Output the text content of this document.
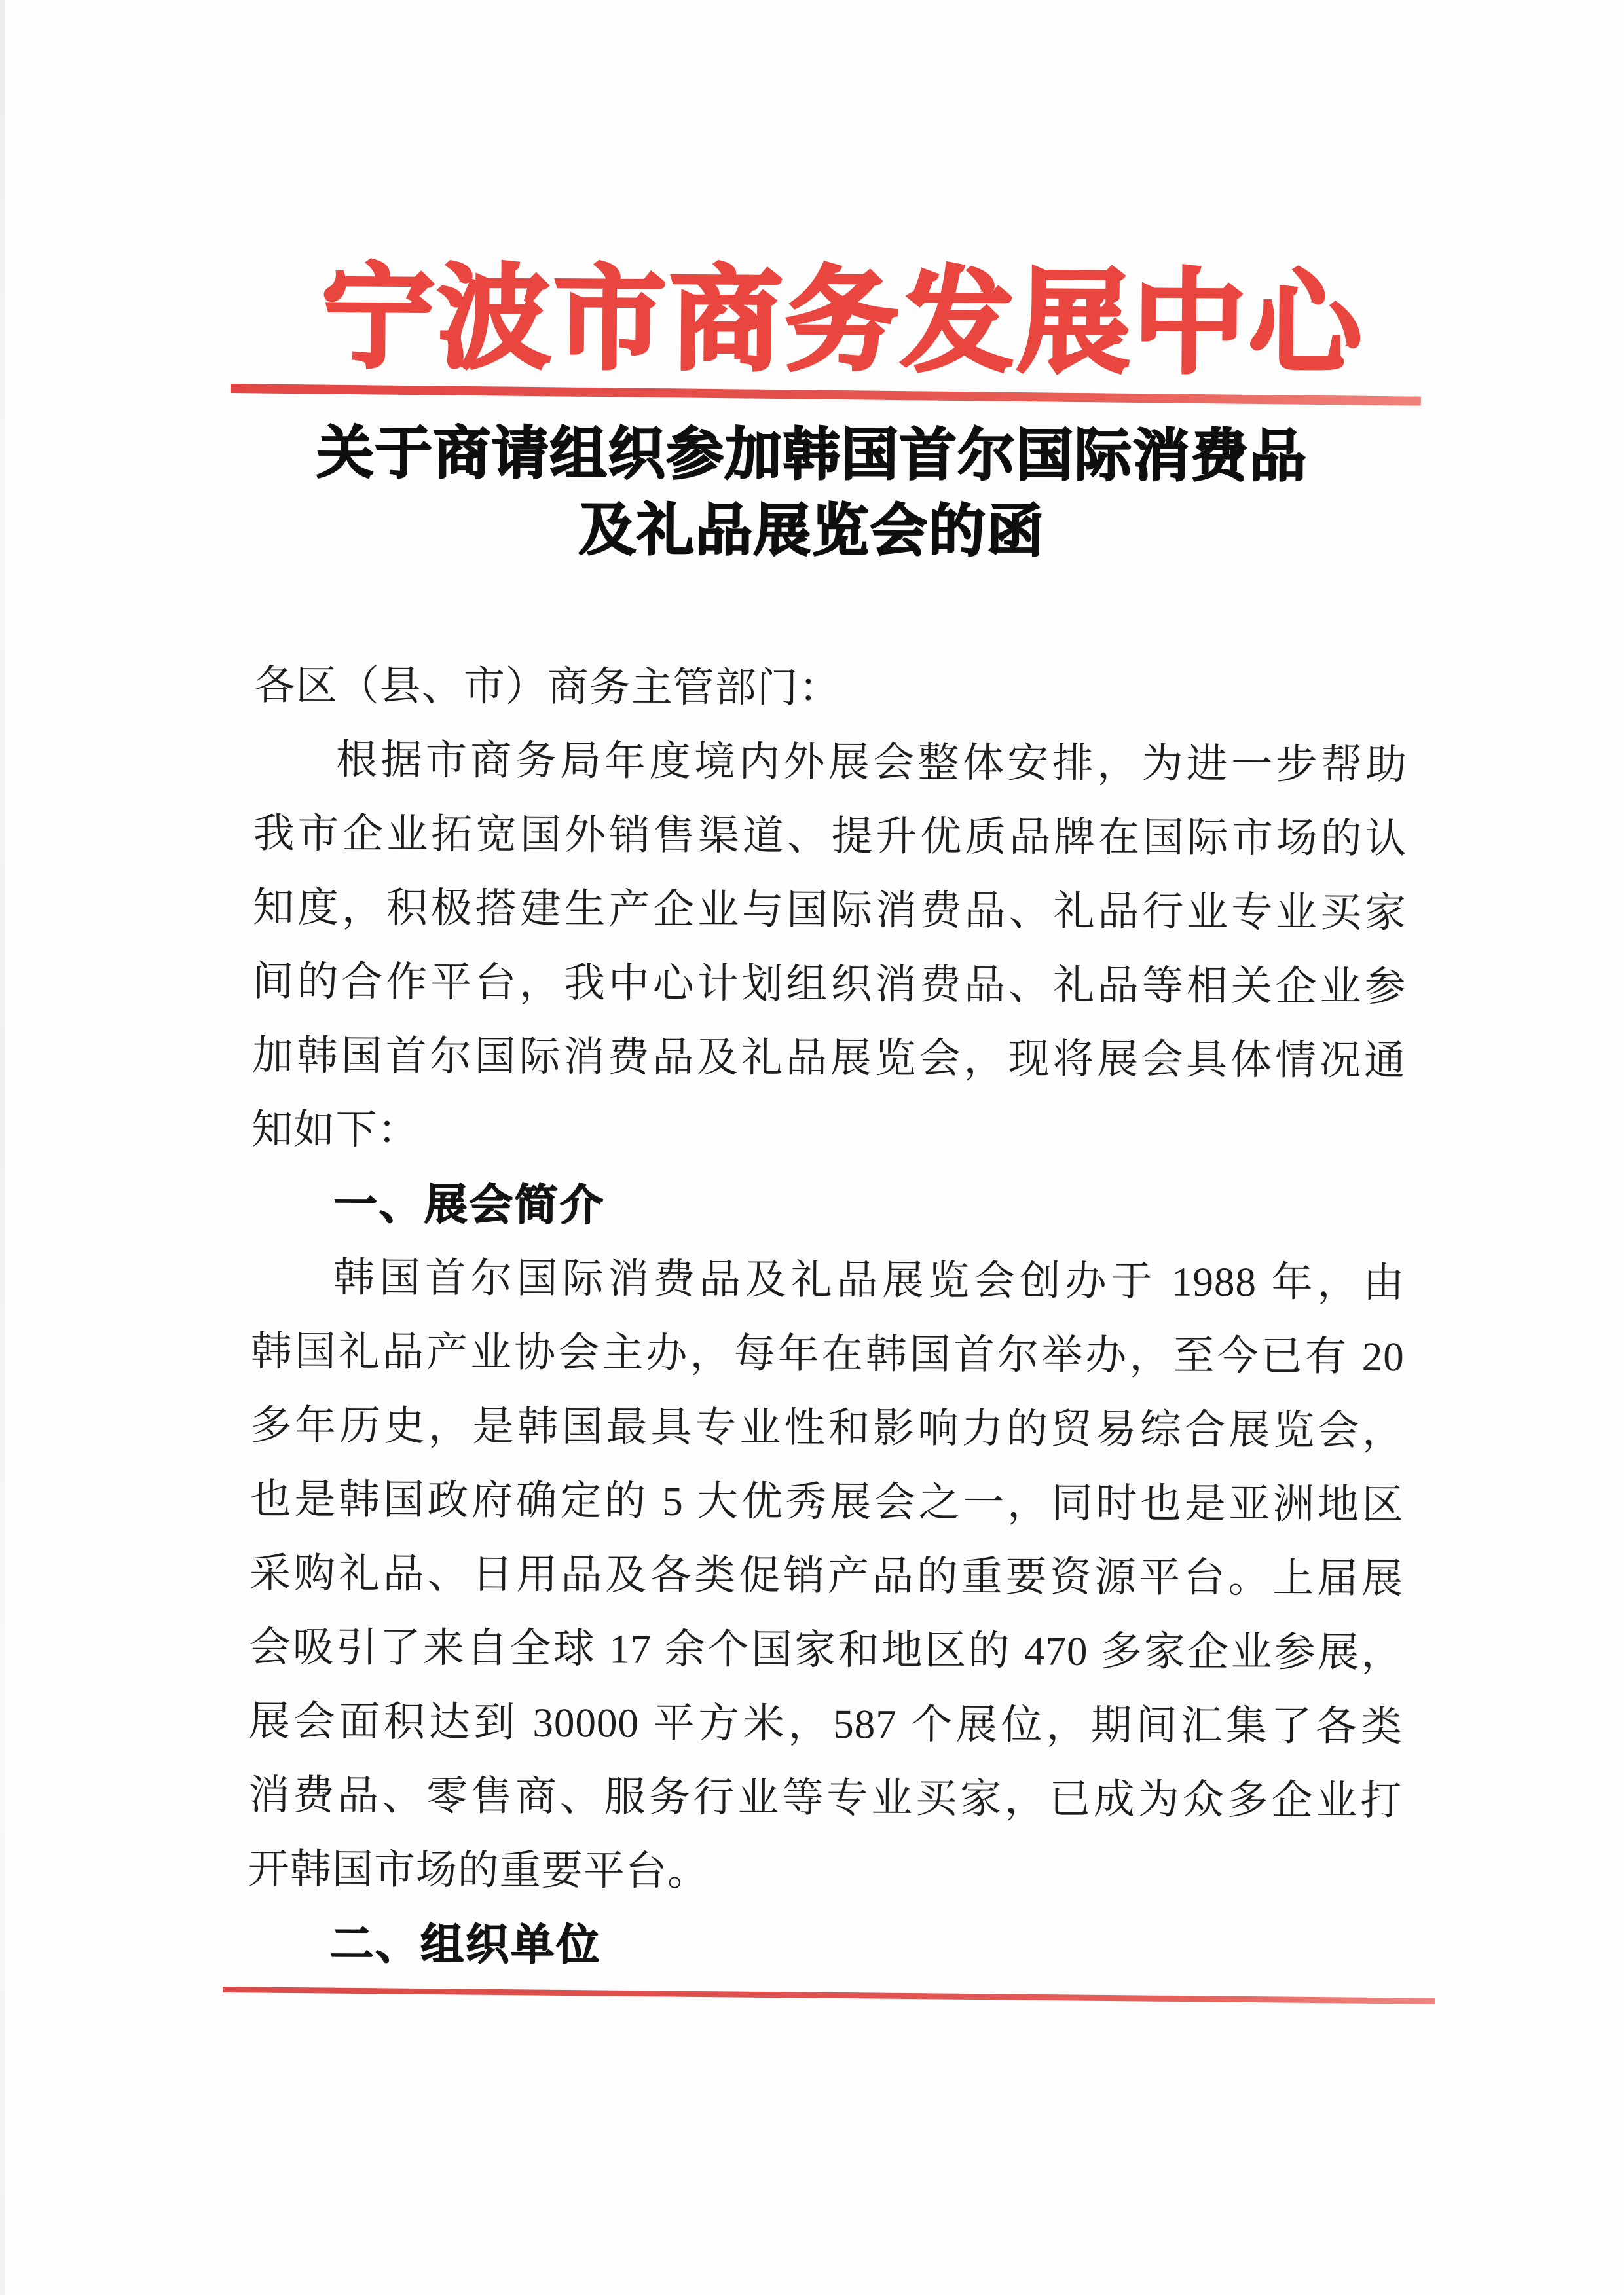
宁波市商务发展中心
关于商请组织参加韩国首尔国际消费品
及礼品展览会的函
各区（县、市）商务主管部门：
根据市商务局年度境内外展会整体安排，为进一步帮助
我市企业拓宽国外销售渠道、提升优质品牌在国际市场的认
知度，积极搭建生产企业与国际消费品、礼品行业专业买家
间的合作平台，我中心计划组织消费品、礼品等相关企业参
加韩国首尔国际消费品及礼品展览会，现将展会具体情况通
知如下：
一、展会简介
韩国首尔国际消费品及礼品展览会创办于 1988 年，由
韩国礼品产业协会主办，每年在韩国首尔举办，至今已有 20
多年历史，是韩国最具专业性和影响力的贸易综合展览会，
也是韩国政府确定的 5 大优秀展会之一，同时也是亚洲地区
采购礼品、日用品及各类促销产品的重要资源平台。上届展
会吸引了来自全球 17 余个国家和地区的 470 多家企业参展，
展会面积达到 30000 平方米，587 个展位，期间汇集了各类
消费品、零售商、服务行业等专业买家，已成为众多企业打
开韩国市场的重要平台。
二、组织单位
